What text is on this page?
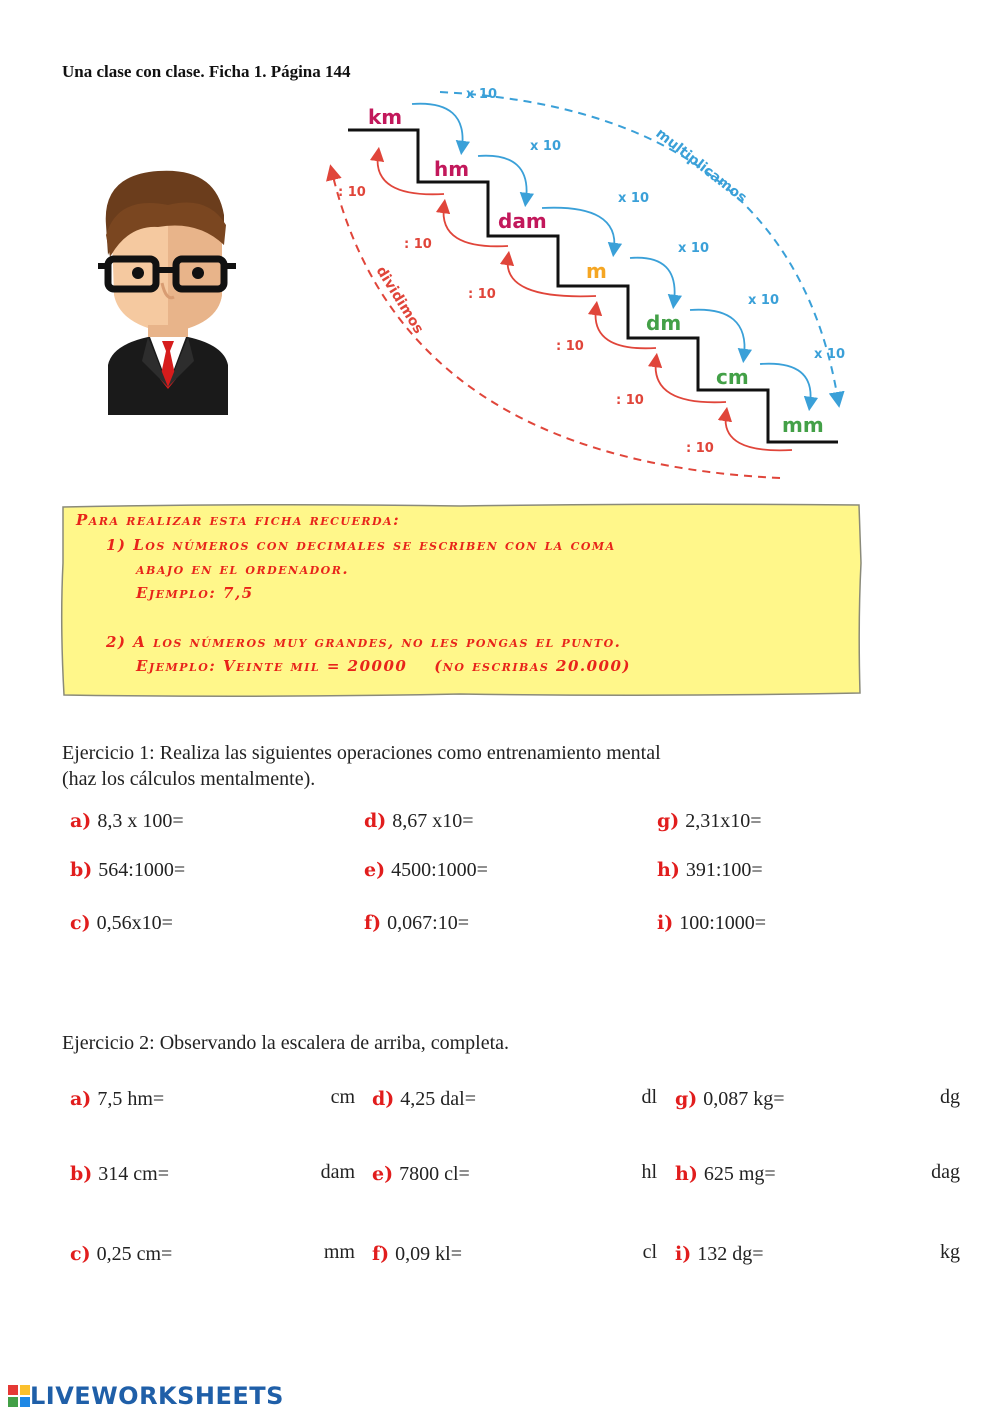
Una clase con clase. Ficha 1. Página 144
km
hm
dam
m
dm
cm
mm
x 10
x 10
x 10
x 10
x 10
x 10
: 10
: 10
: 10
: 10
: 10
: 10
multiplicamos
dividimos
Para realizar esta ficha recuerda:
1) Los números con decimales se escriben con la coma
abajo en el ordenador.
Ejemplo: 7,5
2) A los números muy grandes, no les pongas el punto.
Ejemplo: Veinte mil = 20000    (no escribas 20.000)
Ejercicio 1: Realiza las siguientes operaciones como entrenamiento mental
(haz los cálculos mentalmente).
a) 8,3 x 100=
b) 564:1000=
c) 0,56x10=
d) 8,67 x10=
e) 4500:1000=
f) 0,067:10=
g) 2,31x10=
h) 391:100=
i) 100:1000=
Ejercicio 2: Observando la escalera de arriba, completa.
a) 7,5 hm=	cm
b) 314 cm=	dam
c) 0,25 cm=	mm
d) 4,25 dal=	dl
e) 7800 cl=	hl
f) 0,09 kl=	cl
g) 0,087 kg=	dg
h) 625 mg=	dag
i) 132 dg=	kg
LIVEWORKSHEETS
